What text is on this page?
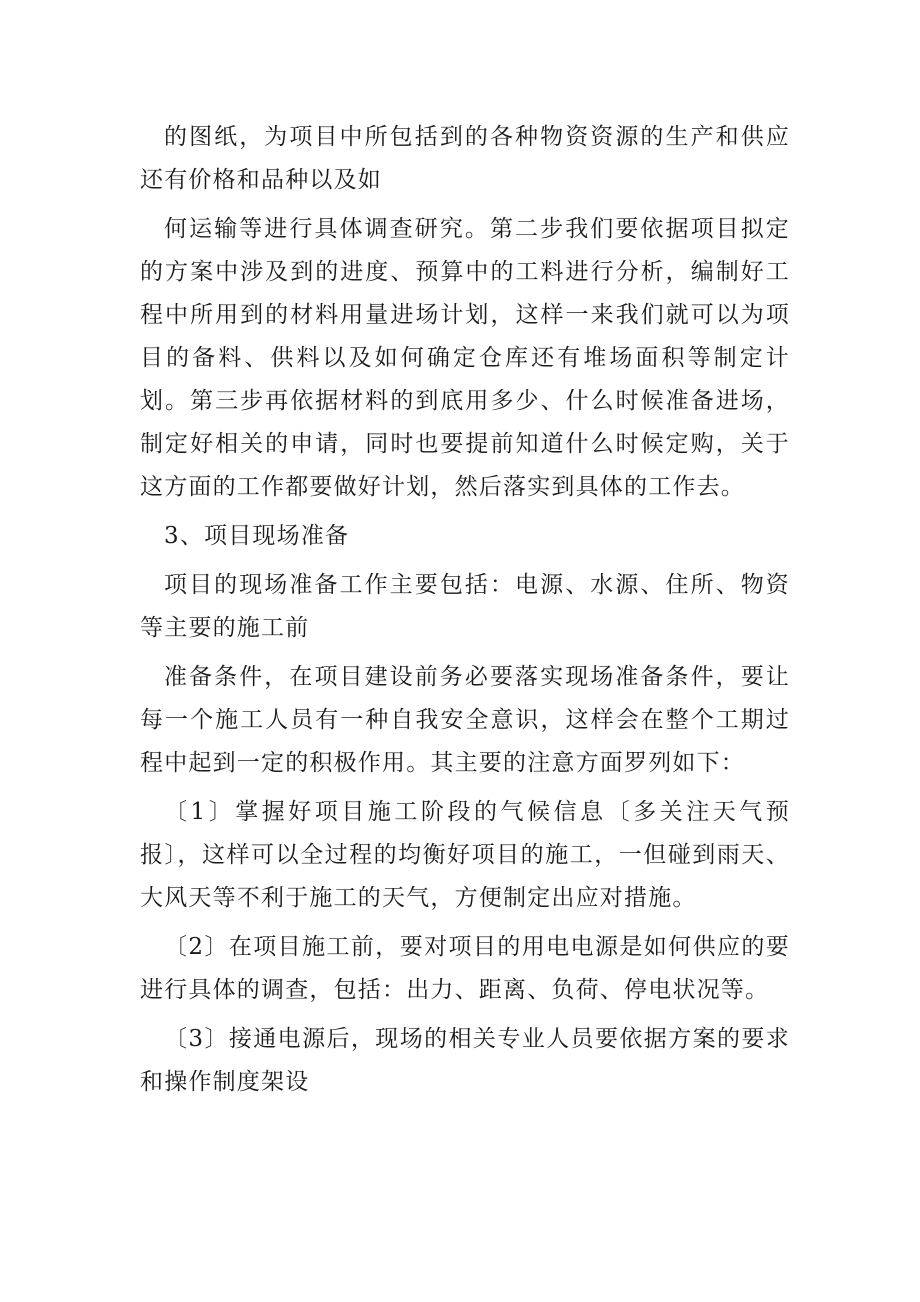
的图纸，为项目中所包括到的各种物资资源的生产和供应还有价格和品种以及如

何运输等进行具体调查研究。第二步我们要依据项目拟定的方案中涉及到的进度、预算中的工料进行分析，编制好工程中所用到的材料用量进场计划，这样一来我们就可以为项目的备料、供料以及如何确定仓库还有堆场面积等制定计划。第三步再依据材料的到底用多少、什么时候准备进场，制定好相关的申请，同时也要提前知道什么时候定购，关于这方面的工作都要做好计划，然后落实到具体的工作去。

3、项目现场准备

项目的现场准备工作主要包括：电源、水源、住所、物资等主要的施工前

准备条件，在项目建设前务必要落实现场准备条件，要让每一个施工人员有一种自我安全意识，这样会在整个工期过程中起到一定的积极作用。其主要的注意方面罗列如下：

〔1〕掌握好项目施工阶段的气候信息〔多关注天气预报〕，这样可以全过程的均衡好项目的施工，一但碰到雨天、大风天等不利于施工的天气，方便制定出应对措施。

〔2〕在项目施工前，要对项目的用电电源是如何供应的要进行具体的调查，包括：出力、距离、负荷、停电状况等。

〔3〕接通电源后，现场的相关专业人员要依据方案的要求和操作制度架设
